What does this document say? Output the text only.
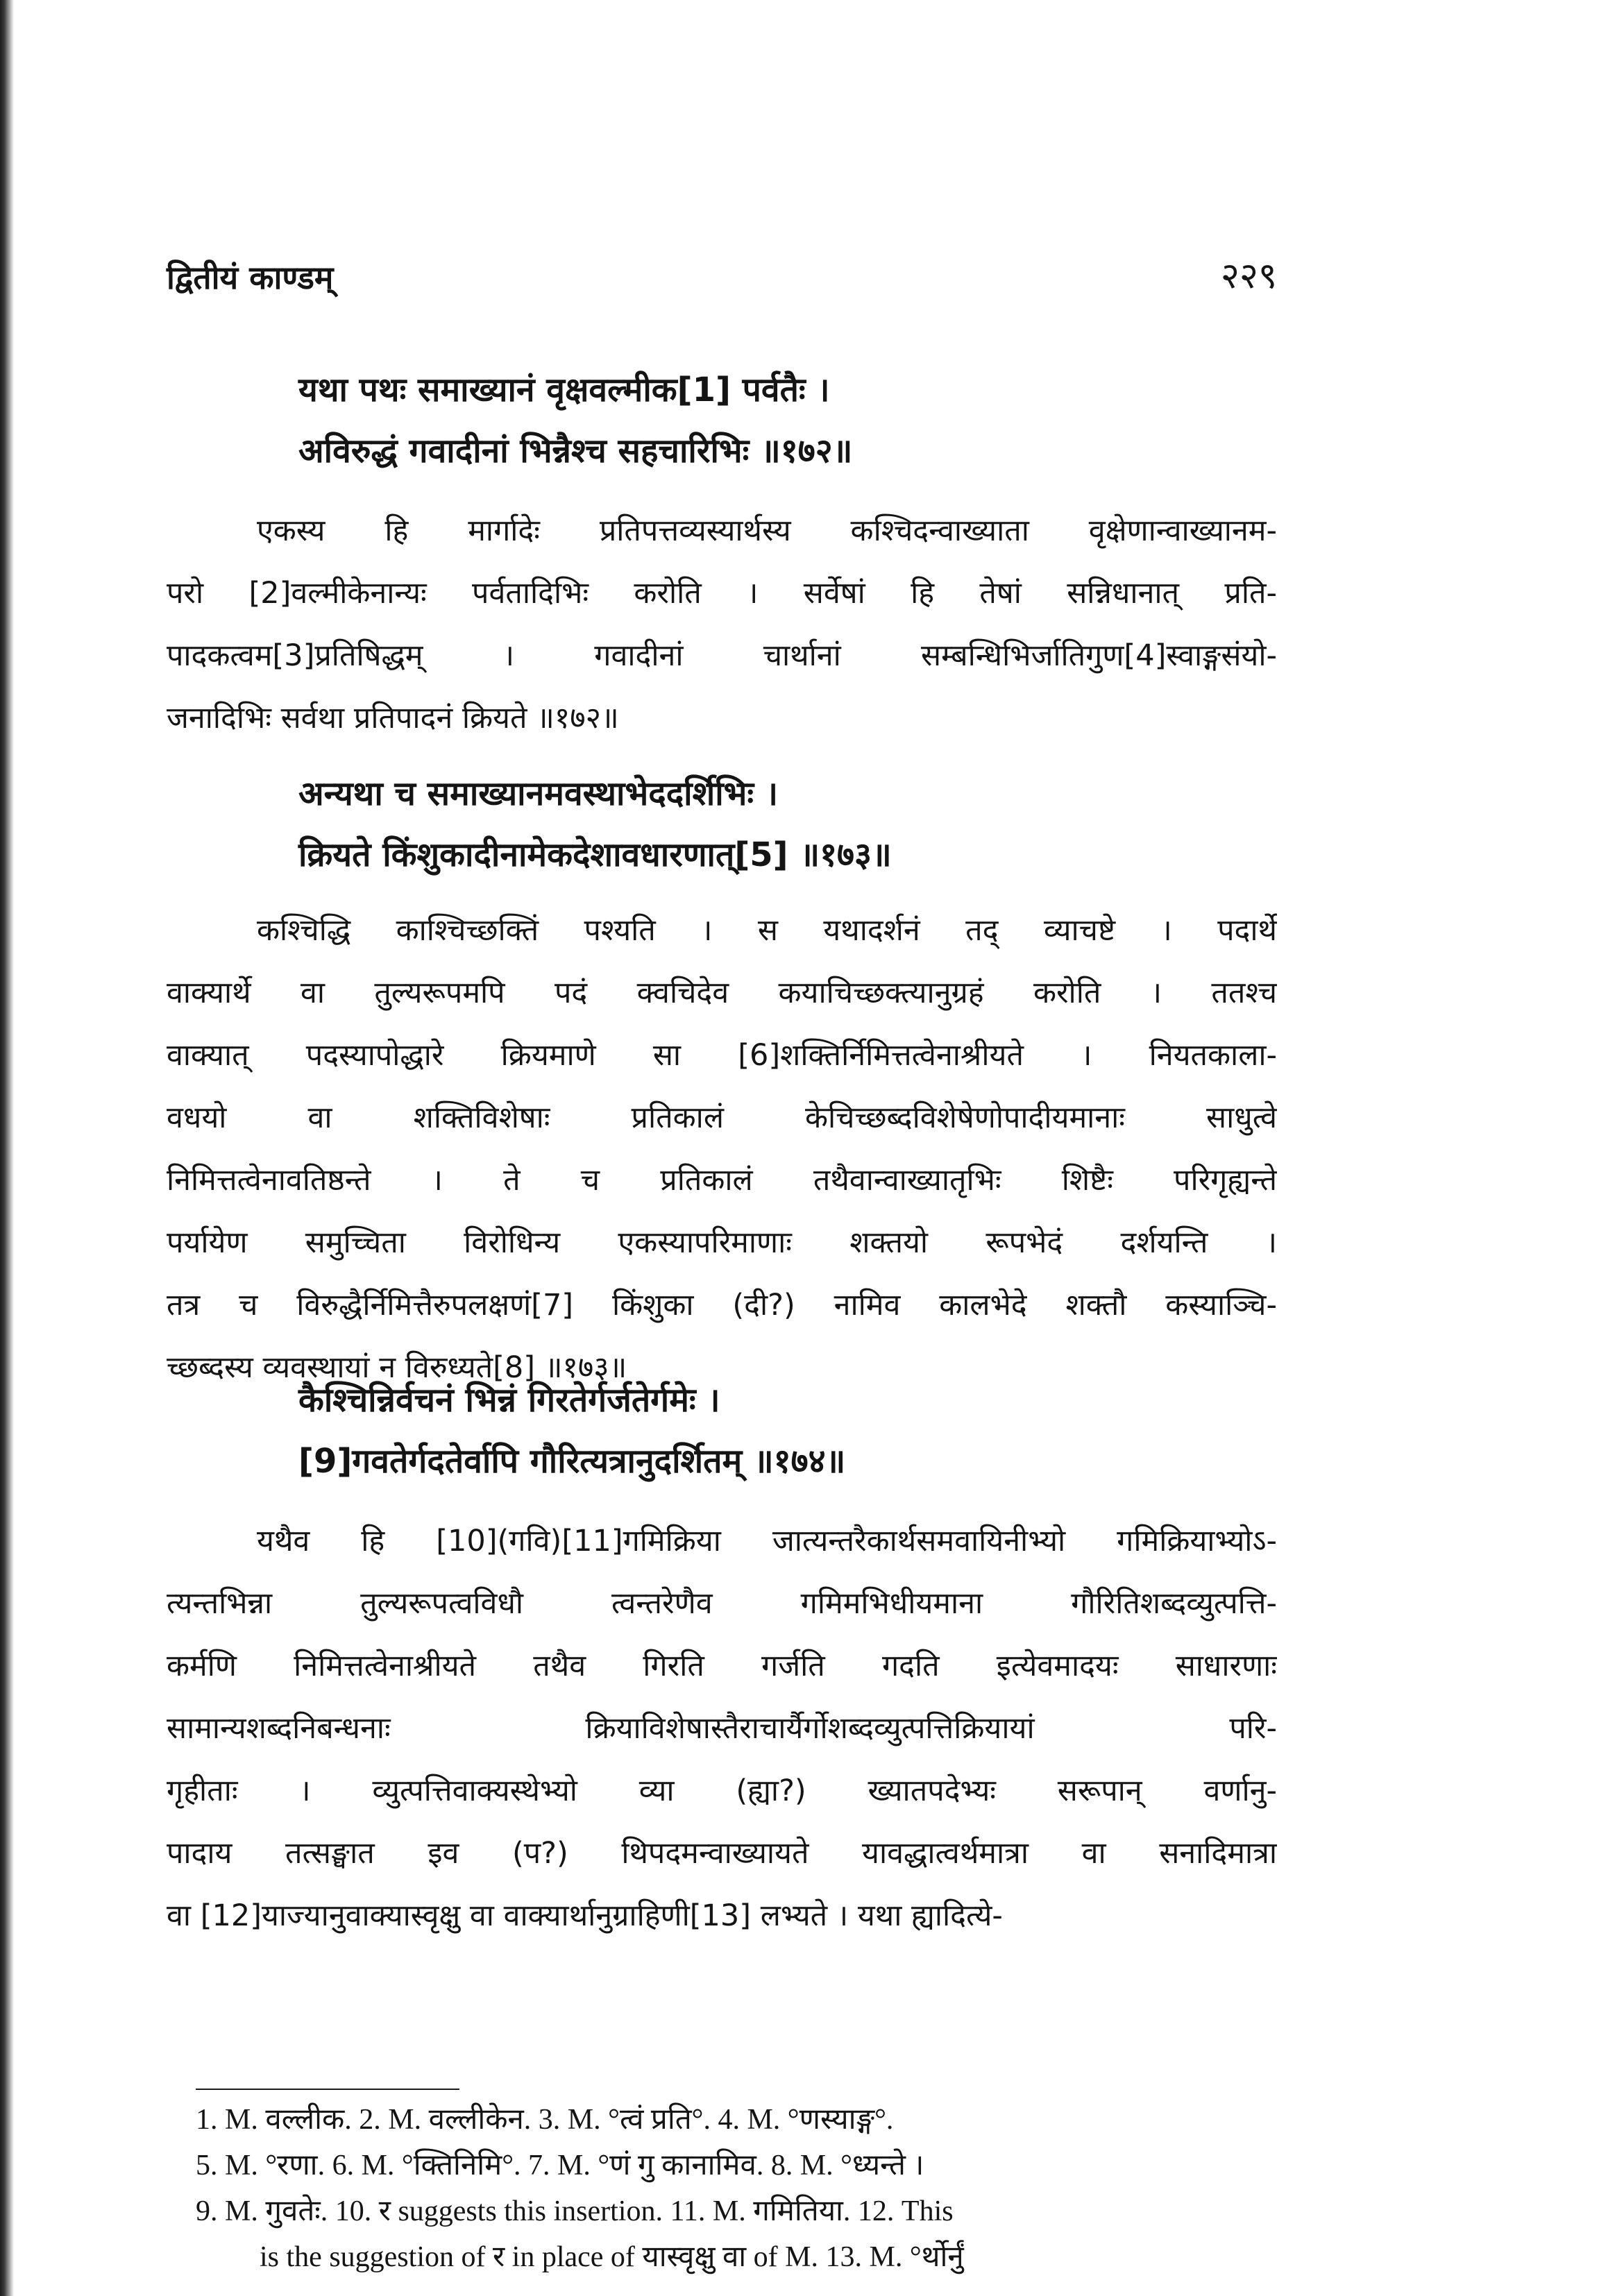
द्वितीयं काण्डम्	२२९
यथा पथः समाख्यानं वृक्षवल्मीक[1] पर्वतैः ।
अविरुद्धं गवादीनां भिन्नैश्च सहचारिभिः ॥१७२॥
एकस्य हि मार्गादेः प्रतिपत्तव्यस्यार्थस्य कश्चिदन्वाख्याता वृक्षेणान्वाख्यानम-
परो [2]वल्मीकेनान्यः पर्वतादिभिः करोति । सर्वेषां हि तेषां सन्निधानात् प्रति-
पादकत्वम[3]प्रतिषिद्धम् । गवादीनां चार्थानां सम्बन्धिभिर्जातिगुण[4]स्वाङ्गसंयो-
जनादिभिः सर्वथा प्रतिपादनं क्रियते ॥१७२॥
अन्यथा च समाख्यानमवस्थाभेददर्शिभिः ।
क्रियते किंशुकादीनामेकदेशावधारणात्[5] ॥१७३॥
कश्चिद्धि काश्चिच्छक्तिं पश्यति । स यथादर्शनं तद् व्याचष्टे । पदार्थे
वाक्यार्थे वा तुल्यरूपमपि पदं क्वचिदेव कयाचिच्छक्त्यानुग्रहं करोति । ततश्च
वाक्यात् पदस्यापोद्धारे क्रियमाणे सा [6]शक्तिर्निमित्तत्वेनाश्रीयते । नियतकाला-
वधयो वा शक्तिविशेषाः प्रतिकालं केचिच्छब्दविशेषेणोपादीयमानाः साधुत्वे
निमित्तत्वेनावतिष्ठन्ते । ते च प्रतिकालं तथैवान्वाख्यातृभिः शिष्टैः परिगृह्यन्ते
पर्यायेण समुच्चिता विरोधिन्य एकस्यापरिमाणाः शक्तयो रूपभेदं दर्शयन्ति ।
तत्र च विरुद्धैर्निमित्तैरुपलक्षणं[7] किंशुका (दी?) नामिव कालभेदे शक्तौ कस्याञ्चि-
च्छब्दस्य व्यवस्थायां न विरुध्यते[8] ॥१७३॥
कैश्चिन्निर्वचनं भिन्नं गिरतेर्गर्जतेर्गमेः ।
[9]गवतेर्गदतेर्वापि गौरित्यत्रानुदर्शितम् ॥१७४॥
यथैव हि [10](गवि)[11]गमिक्रिया जात्यन्तरैकार्थसमवायिनीभ्यो गमिक्रियाभ्योऽ-
त्यन्तभिन्ना तुल्यरूपत्वविधौ त्वन्तरेणैव गमिमभिधीयमाना गौरितिशब्दव्युत्पत्ति-
कर्मणि निमित्तत्वेनाश्रीयते तथैव गिरति गर्जति गदति इत्येवमादयः साधारणाः
सामान्यशब्दनिबन्धनाः क्रियाविशेषास्तैराचार्यैर्गोशब्दव्युत्पत्तिक्रियायां परि-
गृहीताः । व्युत्पत्तिवाक्यस्थेभ्यो व्या (ह्या?) ख्यातपदेभ्यः सरूपान् वर्णानु-
पादाय तत्सङ्घात इव (प?) थिपदमन्वाख्यायते यावद्धात्वर्थमात्रा वा सनादिमात्रा
वा [12]याज्यानुवाक्यास्वृक्षु वा वाक्यार्थानुग्राहिणी[13] लभ्यते । यथा ह्यादित्ये-
1. M. वल्लीक. 2. M. वल्लीकेन. 3. M. °त्वं प्रति°. 4. M. °णस्याङ्ग°.
5. M. °रणा. 6. M. °क्तिनिमि°. 7. M. °णं गु कानामिव. 8. M. °ध्यन्ते ।
9. M. गुवतेः. 10. र suggests this insertion. 11. M. गमितिया. 12. This
is the suggestion of र in place of यास्वृक्षु वा of M. 13. M. °र्थोर्नुं
